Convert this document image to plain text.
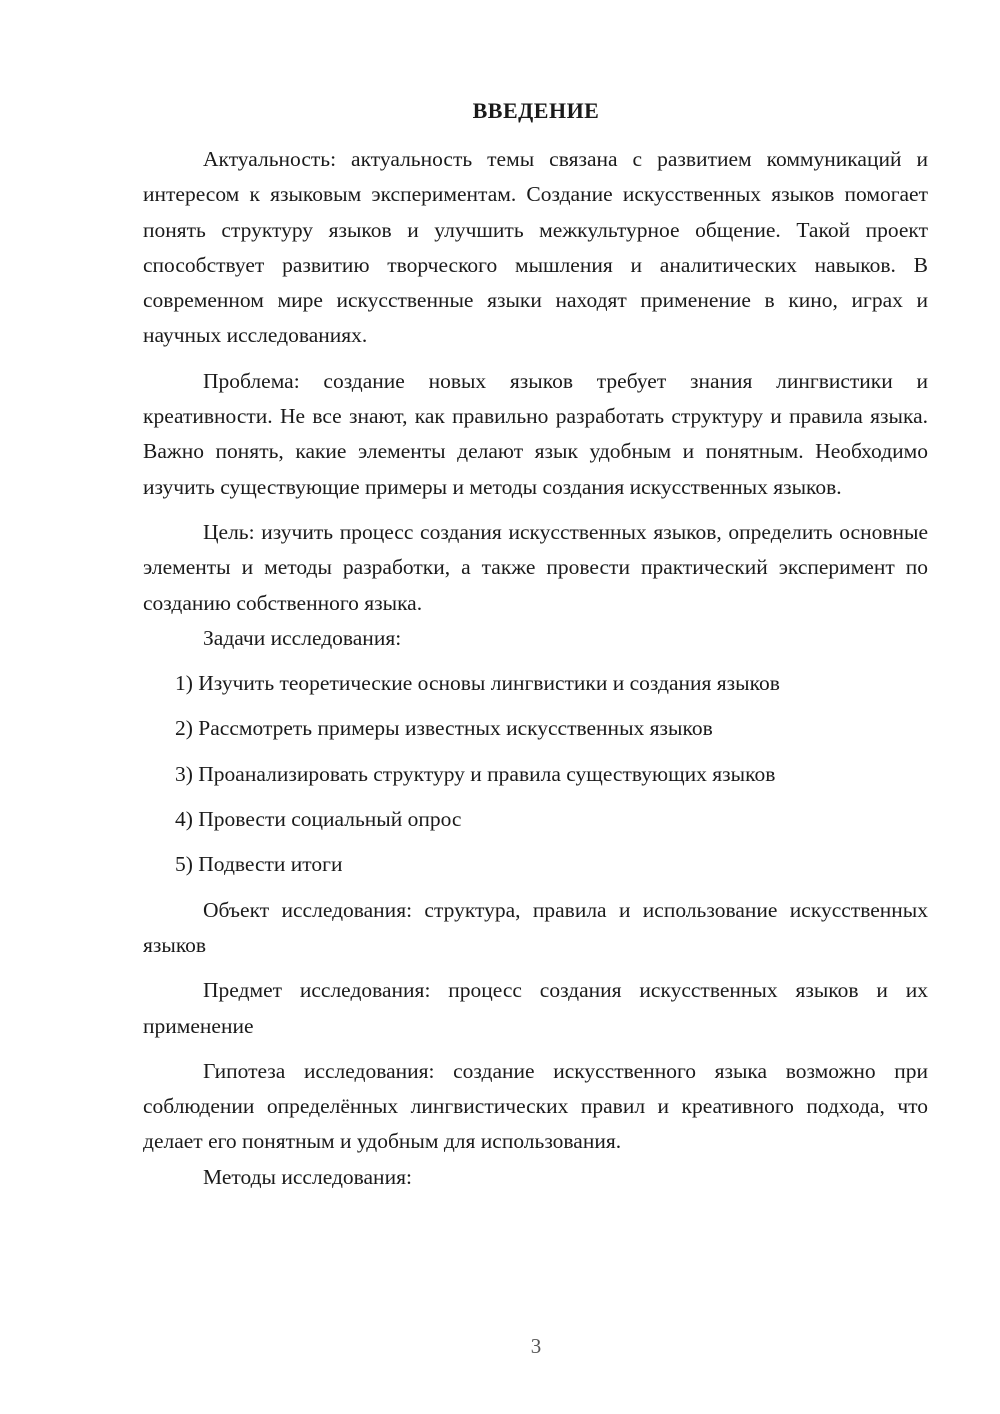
ВВЕДЕНИЕ

Актуальность: актуальность темы связана с развитием коммуникаций и интересом к языковым экспериментам. Создание искусственных языков помогает понять структуру языков и улучшить межкультурное общение. Такой проект способствует развитию творческого мышления и аналитических навыков. В современном мире искусственные языки находят применение в кино, играх и научных исследованиях.

Проблема: создание новых языков требует знания лингвистики и креативности. Не все знают, как правильно разработать структуру и правила языка. Важно понять, какие элементы делают язык удобным и понятным. Необходимо изучить существующие примеры и методы создания искусственных языков.

Цель: изучить процесс создания искусственных языков, определить основные элементы и методы разработки, а также провести практический эксперимент по созданию собственного языка.

Задачи исследования:

1) Изучить теоретические основы лингвистики и создания языков
2) Рассмотреть примеры известных искусственных языков
3) Проанализировать структуру и правила существующих языков
4) Провести социальный опрос
5) Подвести итоги

Объект исследования: структура, правила и использование искусственных языков

Предмет исследования: процесс создания искусственных языков и их применение

Гипотеза исследования: создание искусственного языка возможно при соблюдении определённых лингвистических правил и креативного подхода, что делает его понятным и удобным для использования.

Методы исследования:

3
